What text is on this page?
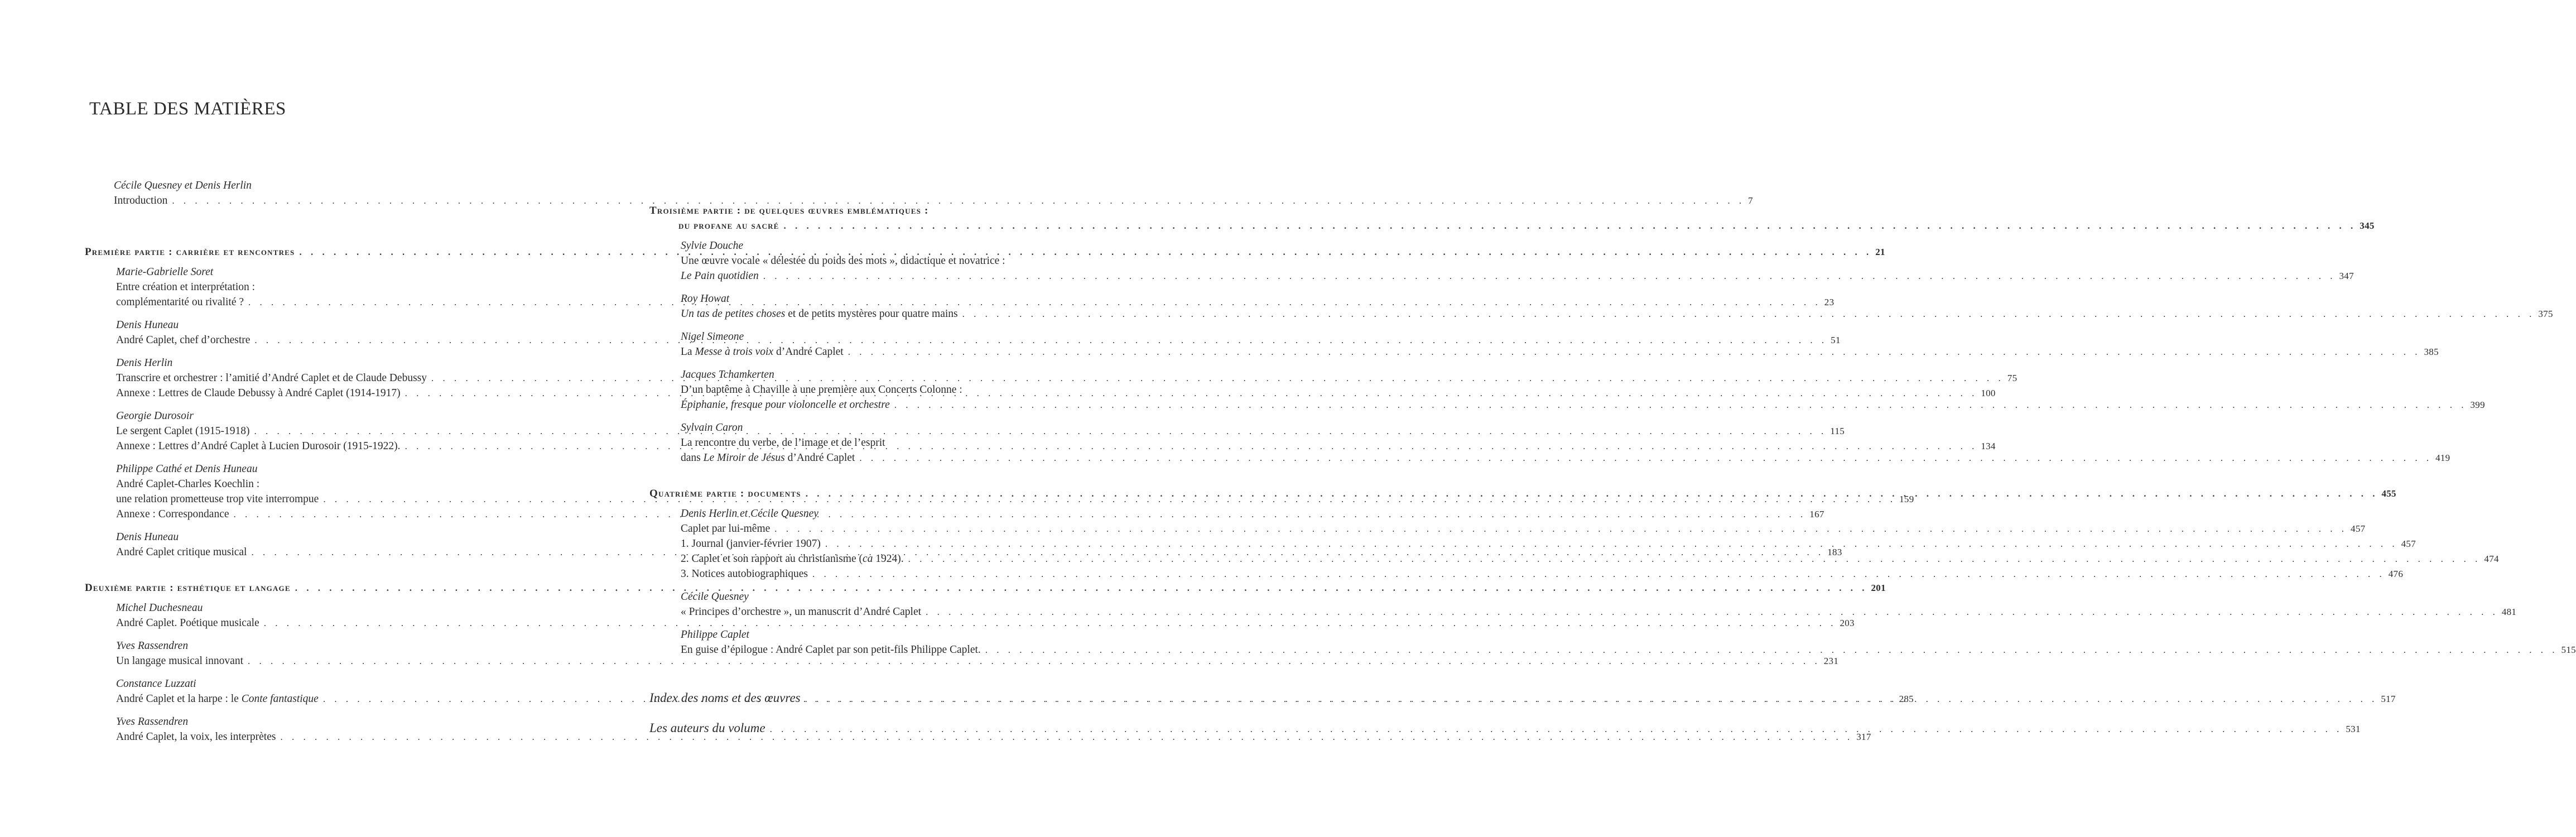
TABLE DES MATIÈRES
Cécile Quesney et Denis Herlin
Introduction . . .	7
Première partie : carrière et rencontres . . .	21
Marie-Gabrielle Soret
Entre création et interprétation :
complémentarité ou rivalité ? . . .	23
Denis Huneau
André Caplet, chef d’orchestre . . .	51
Denis Herlin
Transcrire et orchestrer : l’amitié d’André Caplet et de Claude Debussy . . .	75
Annexe : Lettres de Claude Debussy à André Caplet (1914-1917) . . .	100
Georgie Durosoir
Le sergent Caplet (1915-1918) . . .	115
Annexe : Lettres d’André Caplet à Lucien Durosoir (1915-1922). . . .	134
Philippe Cathé et Denis Huneau
André Caplet-Charles Koechlin :
une relation prometteuse trop vite interrompue . . .	159
Annexe : Correspondance . . .	167
Denis Huneau
André Caplet critique musical . . .	183
Deuxième partie : esthétique et langage . . .	201
Michel Duchesneau
André Caplet. Poétique musicale . . .	203
Yves Rassendren
Un langage musical innovant . . .	231
Constance Luzzati
André Caplet et la harpe : le Conte fantastique . . .	285
Yves Rassendren
André Caplet, la voix, les interprètes . . .	317
Troisième partie : de quelques œuvres emblématiques :
du profane au sacré . . .	345
Sylvie Douche
Une œuvre vocale « délestée du poids des mots », didactique et novatrice :
Le Pain quotidien . . .	347
Roy Howat
Un tas de petites choses et de petits mystères pour quatre mains . . .	375
Nigel Simeone
La Messe à trois voix d’André Caplet . . .	385
Jacques Tchamkerten
D’un baptême à Chaville à une première aux Concerts Colonne :
Épiphanie, fresque pour violoncelle et orchestre . . .	399
Sylvain Caron
La rencontre du verbe, de l’image et de l’esprit
dans Le Miroir de Jésus d’André Caplet . . .	419
Quatrième partie : documents . . .	455
Denis Herlin et Cécile Quesney
Caplet par lui-même . . .	457
1. Journal (janvier-février 1907) . . .	457
2. Caplet et son rapport au christianisme (ca 1924). . . .	474
3. Notices autobiographiques . . .	476
Cécile Quesney
« Principes d’orchestre », un manuscrit d’André Caplet . . .	481
Philippe Caplet
En guise d’épilogue : André Caplet par son petit-fils Philippe Caplet. . . .	515
Index des noms et des œuvres . . .	517
Les auteurs du volume . . .	531
